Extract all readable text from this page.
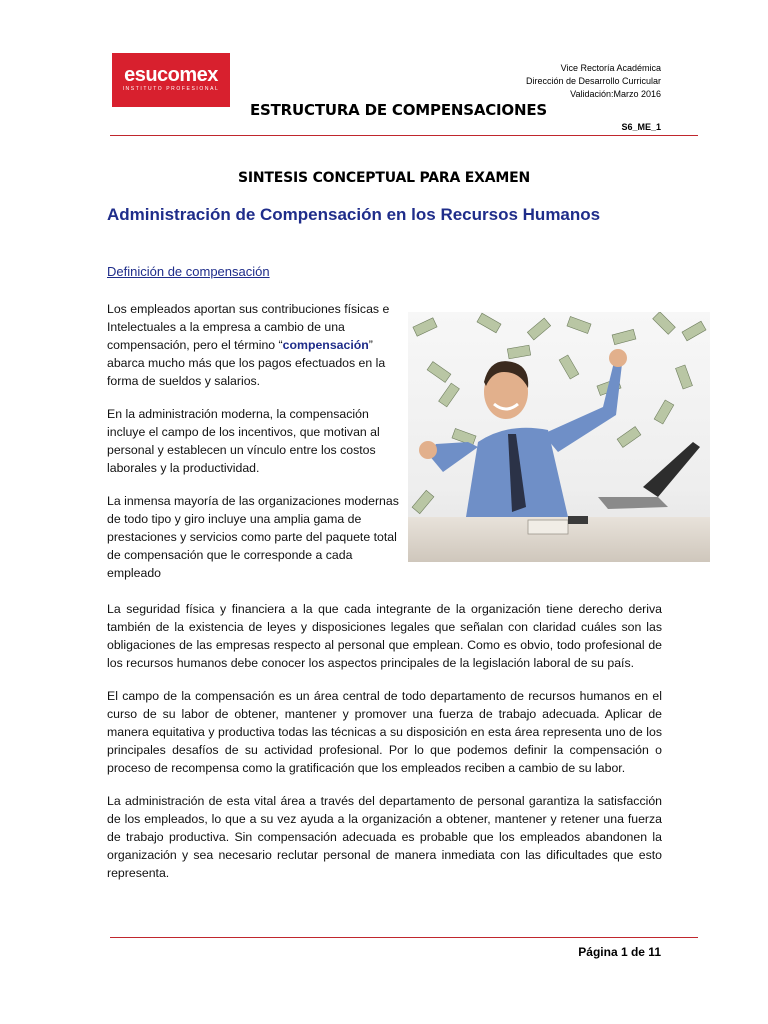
esucomex
INSTITUTO PROFESIONAL
Vice Rectoría Académica
Dirección de Desarrollo Curricular
Validación:Marzo 2016
ESTRUCTURA DE COMPENSACIONES
S6_ME_1
SINTESIS CONCEPTUAL PARA EXAMEN
Administración de Compensación en los Recursos Humanos
Definición de compensación
Los empleados aportan sus contribuciones físicas e Intelectuales a la empresa a cambio de una compensación, pero el término “compensación” abarca mucho más que los pagos efectuados en la forma de sueldos y salarios.
En la administración moderna, la compensación incluye el campo de los incentivos, que motivan al personal y establecen un vínculo entre los costos laborales y la productividad.
La inmensa mayoría de las organizaciones modernas de todo tipo y giro incluye una amplia gama de prestaciones y servicios como parte del paquete total de compensación que le corresponde a cada empleado
La seguridad física y financiera a la que cada integrante de la organización tiene derecho deriva también de la existencia de leyes y disposiciones legales que señalan con claridad cuáles son las obligaciones de las empresas respecto al personal que emplean. Como es obvio, todo profesional de los recursos humanos debe conocer los aspectos principales de la legislación laboral de su país.
El campo de la compensación es un área central de todo departamento de recursos humanos en el curso de su labor de obtener, mantener y promover una fuerza de trabajo adecuada. Aplicar de manera equitativa y productiva todas las técnicas a su disposición en esta área representa uno de los principales desafíos de su actividad profesional. Por lo que podemos definir la compensación o proceso de recompensa como la gratificación que los empleados reciben a cambio de su labor.
La administración de esta vital área a través del departamento de personal garantiza la satisfacción de los empleados, lo que a su vez ayuda a la organización a obtener, mantener y retener una fuerza de trabajo productiva. Sin compensación adecuada es probable que los empleados abandonen la organización y sea necesario reclutar personal de manera inmediata con las dificultades que esto representa.
Página 1 de 11
